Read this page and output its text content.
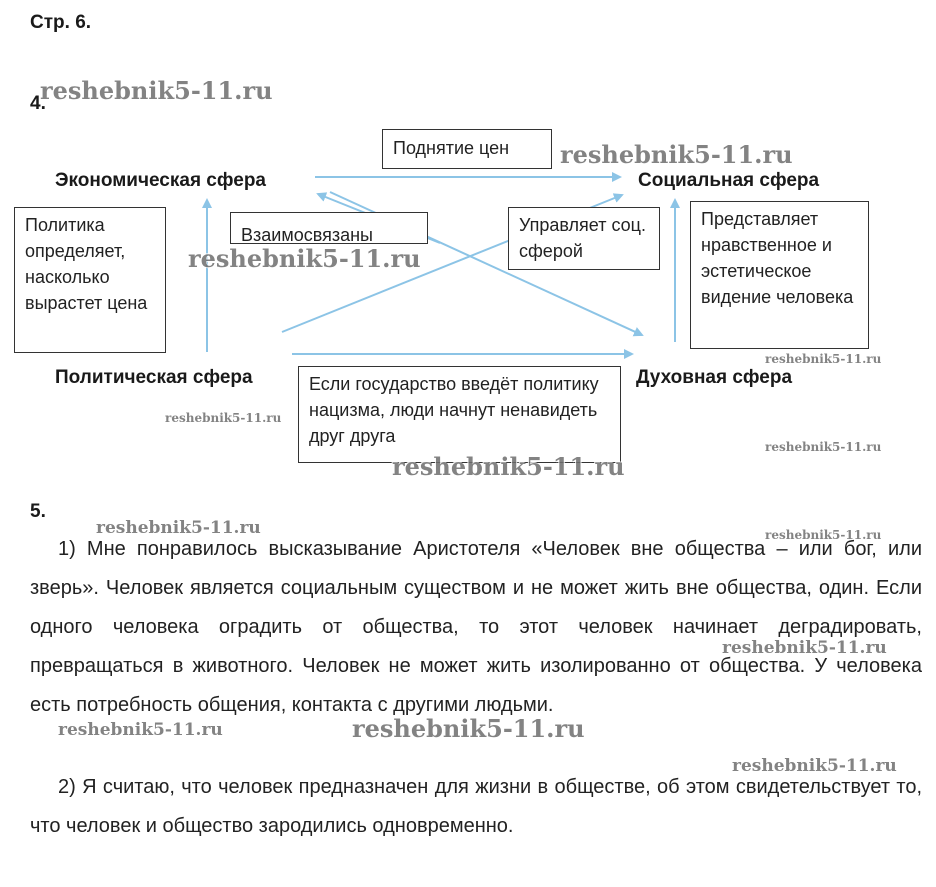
Стр. 6.
4.
Экономическая сфера	Социальная сфера
Политическая сфера	Духовная сфера
Поднятие цен
Взаимосвязаны	Управляет соц. сферой
Политика определяет, насколько вырастет цена
Представляет нравственное и эстетическое видение человека
Если государство введёт политику нацизма, люди начнут ненавидеть друг друга
5.
1) Мне понравилось высказывание Аристотеля «Человек вне общества – или бог, или зверь». Человек является социальным существом и не может жить вне общества, один. Если одного человека оградить от общества, то этот человек начинает деградировать, превращаться в животного. Человек не может жить изолированно от общества. У человека есть потребность общения, контакта с другими людьми.
2) Я считаю, что человек предназначен для жизни в обществе, об этом свидетельствует то, что человек и общество зародились одновременно.
reshebnik5-11.ru
reshebnik5-11.ru
reshebnik5-11.ru
reshebnik5-11.ru
reshebnik5-11.ru
reshebnik5-11.ru
reshebnik5-11.ru
reshebnik5-11.ru	reshebnik5-11.ru
reshebnik5-11.ru
reshebnik5-11.ru	reshebnik5-11.ru
reshebnik5-11.ru
